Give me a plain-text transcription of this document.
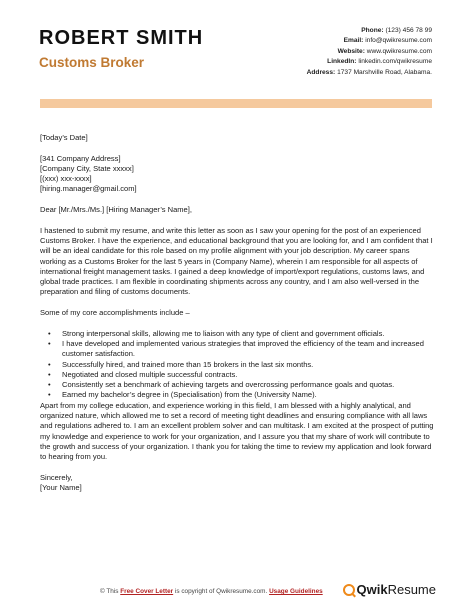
ROBERT SMITH
Customs Broker
Phone: (123) 456 78 99
Email: info@qwikresume.com
Website: www.qwikresume.com
LinkedIn: linkedin.com/qwikresume
Address: 1737 Marshville Road, Alabama.

[Today’s Date]

[341 Company Address]

[Company City, State xxxxx]

[(xxx) xxx-xxxx]

[hiring.manager@gmail.com]

Dear [Mr./Mrs./Ms.] [Hiring Manager’s Name],

I hastened to submit my resume, and write this letter as soon as I saw your opening for the post of an experienced Customs Broker. I have the experience, and educational background that you are looking for, and I am confident that I will be an ideal candidate for this role based on my profile alignment with your job description. My career spans working as a Customs Broker for the last 5 years in (Company Name), wherein I am responsible for all aspects of international freight management tasks. I gained a deep knowledge of import/export regulations, customs laws, and global trade practices. I am flexible in coordinating shipments across any country, and I am also well-versed in the preparation and filing of customs documents.

Some of my core accomplishments include –

• Strong interpersonal skills, allowing me to liaison with any type of client and government officials.
• I have developed and implemented various strategies that improved the efficiency of the team and increased customer satisfaction.
• Successfully hired, and trained more than 15 brokers in the last six months.
• Negotiated and closed multiple successful contracts.
• Consistently set a benchmark of achieving targets and overcrossing performance goals and quotas.
• Earned my bachelor’s degree in (Specialisation) from the (University Name).

Apart from my college education, and experience working in this field, I am blessed with a highly analytical, and organized nature, which allowed me to set a record of meeting tight deadlines and ensuring compliance with all laws and regulations adhered to. I am an excellent problem solver and can multitask. I am excited at the prospect of putting my knowledge and experience to work for your organization, and I assure you that my share of work will contribute to the growth and success of your organization. I thank you for taking the time to review my application and look forward to hearing from you.

Sincerely,

[Your Name]

© This Free Cover Letter is copyright of Qwikresume.com. Usage Guidelines	Qwik Resume
